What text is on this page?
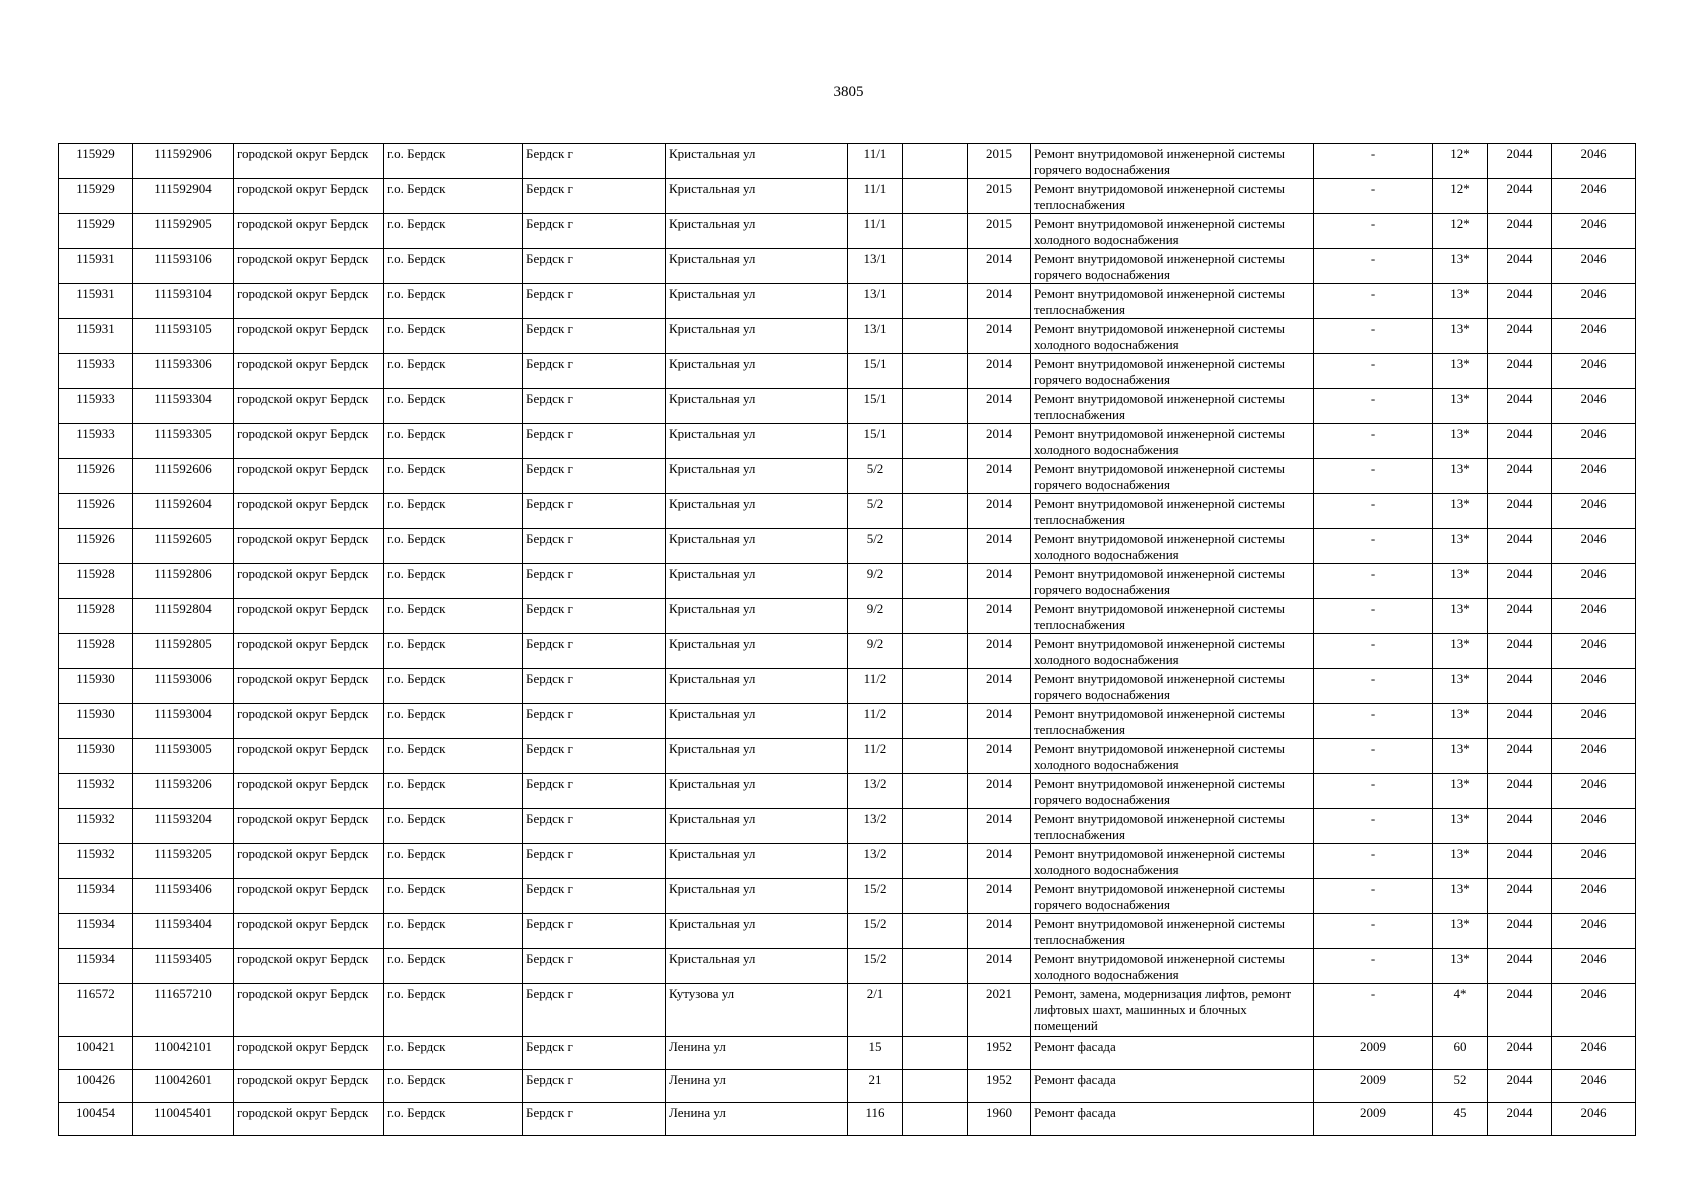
3805
115929	111592906	городской округ Бердск	г.о. Бердск	Бердск г	Кристальная ул	11/1		2015	Ремонт внутридомовой инженерной системы горячего водоснабжения	-	12*	2044	2046
115929	111592904	городской округ Бердск	г.о. Бердск	Бердск г	Кристальная ул	11/1		2015	Ремонт внутридомовой инженерной системы теплоснабжения	-	12*	2044	2046
115929	111592905	городской округ Бердск	г.о. Бердск	Бердск г	Кристальная ул	11/1		2015	Ремонт внутридомовой инженерной системы холодного водоснабжения	-	12*	2044	2046
115931	111593106	городской округ Бердск	г.о. Бердск	Бердск г	Кристальная ул	13/1		2014	Ремонт внутридомовой инженерной системы горячего водоснабжения	-	13*	2044	2046
115931	111593104	городской округ Бердск	г.о. Бердск	Бердск г	Кристальная ул	13/1		2014	Ремонт внутридомовой инженерной системы теплоснабжения	-	13*	2044	2046
115931	111593105	городской округ Бердск	г.о. Бердск	Бердск г	Кристальная ул	13/1		2014	Ремонт внутридомовой инженерной системы холодного водоснабжения	-	13*	2044	2046
115933	111593306	городской округ Бердск	г.о. Бердск	Бердск г	Кристальная ул	15/1		2014	Ремонт внутридомовой инженерной системы горячего водоснабжения	-	13*	2044	2046
115933	111593304	городской округ Бердск	г.о. Бердск	Бердск г	Кристальная ул	15/1		2014	Ремонт внутридомовой инженерной системы теплоснабжения	-	13*	2044	2046
115933	111593305	городской округ Бердск	г.о. Бердск	Бердск г	Кристальная ул	15/1		2014	Ремонт внутридомовой инженерной системы холодного водоснабжения	-	13*	2044	2046
115926	111592606	городской округ Бердск	г.о. Бердск	Бердск г	Кристальная ул	5/2		2014	Ремонт внутридомовой инженерной системы горячего водоснабжения	-	13*	2044	2046
115926	111592604	городской округ Бердск	г.о. Бердск	Бердск г	Кристальная ул	5/2		2014	Ремонт внутридомовой инженерной системы теплоснабжения	-	13*	2044	2046
115926	111592605	городской округ Бердск	г.о. Бердск	Бердск г	Кристальная ул	5/2		2014	Ремонт внутридомовой инженерной системы холодного водоснабжения	-	13*	2044	2046
115928	111592806	городской округ Бердск	г.о. Бердск	Бердск г	Кристальная ул	9/2		2014	Ремонт внутридомовой инженерной системы горячего водоснабжения	-	13*	2044	2046
115928	111592804	городской округ Бердск	г.о. Бердск	Бердск г	Кристальная ул	9/2		2014	Ремонт внутридомовой инженерной системы теплоснабжения	-	13*	2044	2046
115928	111592805	городской округ Бердск	г.о. Бердск	Бердск г	Кристальная ул	9/2		2014	Ремонт внутридомовой инженерной системы холодного водоснабжения	-	13*	2044	2046
115930	111593006	городской округ Бердск	г.о. Бердск	Бердск г	Кристальная ул	11/2		2014	Ремонт внутридомовой инженерной системы горячего водоснабжения	-	13*	2044	2046
115930	111593004	городской округ Бердск	г.о. Бердск	Бердск г	Кристальная ул	11/2		2014	Ремонт внутридомовой инженерной системы теплоснабжения	-	13*	2044	2046
115930	111593005	городской округ Бердск	г.о. Бердск	Бердск г	Кристальная ул	11/2		2014	Ремонт внутридомовой инженерной системы холодного водоснабжения	-	13*	2044	2046
115932	111593206	городской округ Бердск	г.о. Бердск	Бердск г	Кристальная ул	13/2		2014	Ремонт внутридомовой инженерной системы горячего водоснабжения	-	13*	2044	2046
115932	111593204	городской округ Бердск	г.о. Бердск	Бердск г	Кристальная ул	13/2		2014	Ремонт внутридомовой инженерной системы теплоснабжения	-	13*	2044	2046
115932	111593205	городской округ Бердск	г.о. Бердск	Бердск г	Кристальная ул	13/2		2014	Ремонт внутридомовой инженерной системы холодного водоснабжения	-	13*	2044	2046
115934	111593406	городской округ Бердск	г.о. Бердск	Бердск г	Кристальная ул	15/2		2014	Ремонт внутридомовой инженерной системы горячего водоснабжения	-	13*	2044	2046
115934	111593404	городской округ Бердск	г.о. Бердск	Бердск г	Кристальная ул	15/2		2014	Ремонт внутридомовой инженерной системы теплоснабжения	-	13*	2044	2046
115934	111593405	городской округ Бердск	г.о. Бердск	Бердск г	Кристальная ул	15/2		2014	Ремонт внутридомовой инженерной системы холодного водоснабжения	-	13*	2044	2046
116572	111657210	городской округ Бердск	г.о. Бердск	Бердск г	Кутузова ул	2/1		2021	Ремонт, замена, модернизация лифтов, ремонт лифтовых шахт, машинных и блочных помещений	-	4*	2044	2046
100421	110042101	городской округ Бердск	г.о. Бердск	Бердск г	Ленина ул	15		1952	Ремонт фасада	2009	60	2044	2046
100426	110042601	городской округ Бердск	г.о. Бердск	Бердск г	Ленина ул	21		1952	Ремонт фасада	2009	52	2044	2046
100454	110045401	городской округ Бердск	г.о. Бердск	Бердск г	Ленина ул	116		1960	Ремонт фасада	2009	45	2044	2046
